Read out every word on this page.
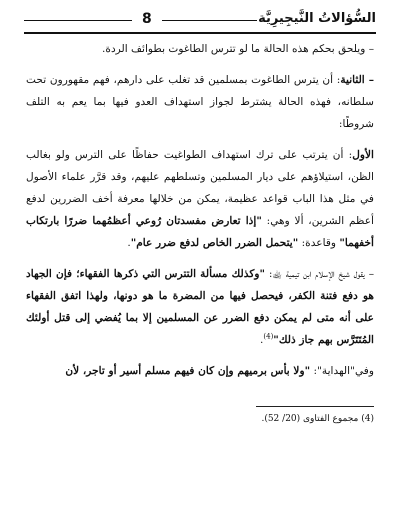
السُّؤالاتُ النَّيجِيرِيَّة
8

– ويلحق بحكم هذه الحالة ما لو تترس الطاغوت بطوائف الردة.

– الثانية: أن يترس الطاغوت بمسلمين قد تغلب على دارهم، فهم مقهورون تحت سلطانه، فهذه الحالة يشترط لجواز استهداف العدو فيها بما يعم به التلف شروطًا:

الأول: أن يترتب على ترك استهداف الطواغيت حفاظًا على الترس ولو بغالب الظن، استيلاؤهم على ديار المسلمين وتسلطهم عليهم، وقد قرَّر علماء الأصول في مثل هذا الباب قواعد عظيمة، يمكن من خلالها معرفة أخف الضررين لدفع أعظم الشرين، ألا وهي: "إذا تعارض مفسدتان رُوعي أعظمُهما ضررًا بارتكاب أخفهما" وقاعدة: "يتحمل الضرر الخاص لدفع ضرر عام".

– يقول شيخ الإسلام ابن تيمية ﵀: "وكذلك مسألة التترس التي ذكرها الفقهاء؛ فإن الجهاد هو دفع فتنة الكفر، فيحصل فيها من المضرة ما هو دونها، ولهذا اتفق الفقهاء على أنه متى لم يمكن دفع الضرر عن المسلمين إلا بما يُفضي إلى قتل أولئك المُتَتَرَّس بهم جاز ذلك"$^{(4)}$.

وفي"الهداية": "ولا بأس برميهم وإن كان فيهم مسلم أسير أو تاجر، لأن

(4) مجموع الفتاوى (20/ 52).
